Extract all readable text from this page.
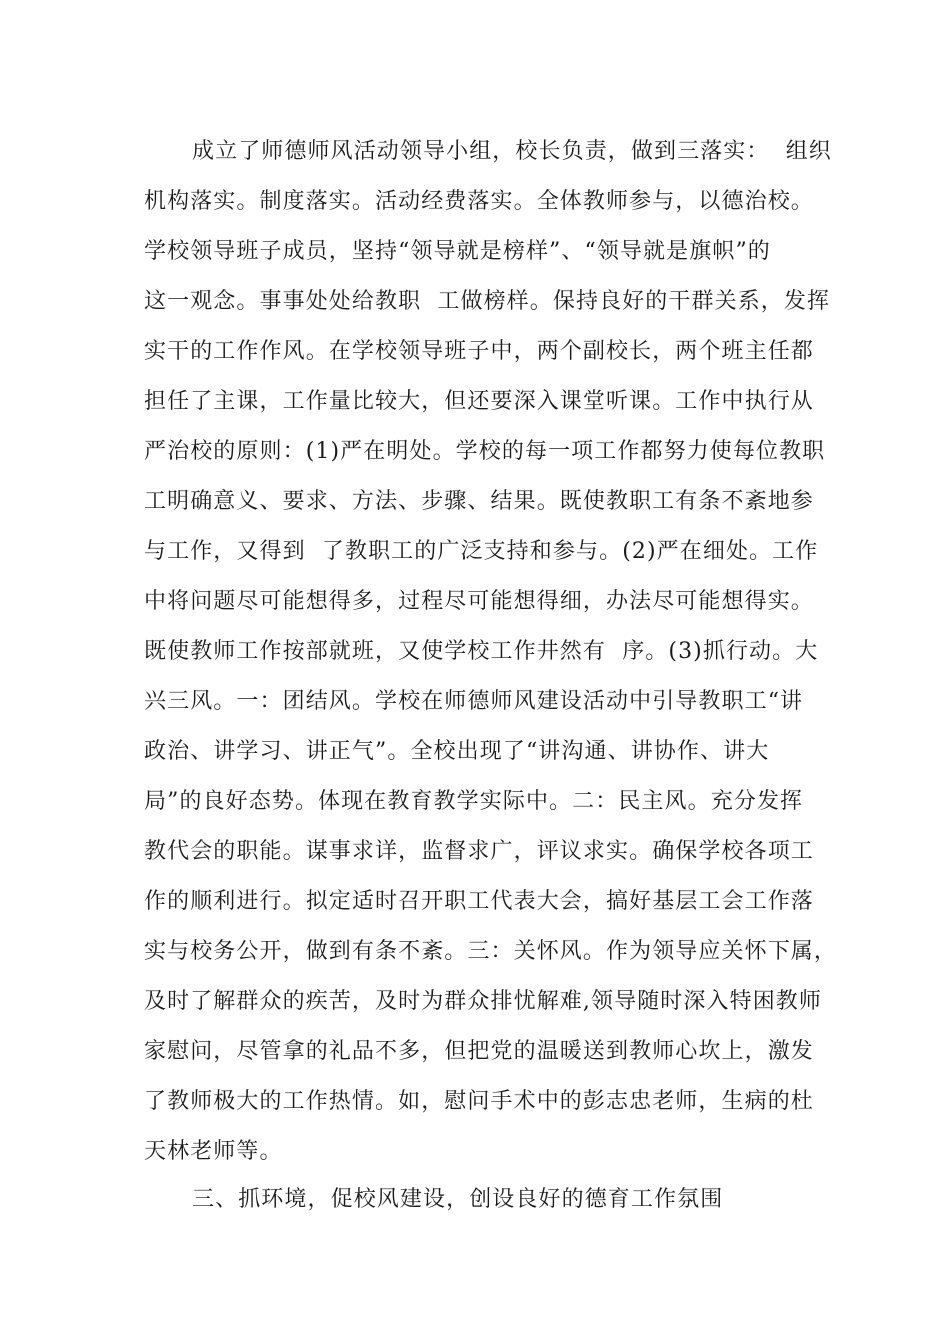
成立了师德师风活动领导小组，校长负责，做到三落实：  组织
机构落实。制度落实。活动经费落实。全体教师参与，以德治校。
学校领导班子成员，坚持“领导就是榜样”、“领导就是旗帜”的
这一观念。事事处处给教职  工做榜样。保持良好的干群关系，发挥
实干的工作作风。在学校领导班子中，两个副校长，两个班主任都
担任了主课，工作量比较大，但还要深入课堂听课。工作中执行从
严治校的原则：(1)严在明处。学校的每一项工作都努力使每位教职
工明确意义、要求、方法、步骤、结果。既使教职工有条不紊地参
与工作，又得到  了教职工的广泛支持和参与。(2)严在细处。工作
中将问题尽可能想得多，过程尽可能想得细，办法尽可能想得实。
既使教师工作按部就班，又使学校工作井然有  序。(3)抓行动。大
兴三风。一：团结风。学校在师德师风建设活动中引导教职工“讲
政治、讲学习、讲正气”。全校出现了“讲沟通、讲协作、讲大
局”的良好态势。体现在教育教学实际中。二：民主风。充分发挥
教代会的职能。谋事求详，监督求广，评议求实。确保学校各项工
作的顺利进行。拟定适时召开职工代表大会，搞好基层工会工作落
实与校务公开，做到有条不紊。三：关怀风。作为领导应关怀下属，
及时了解群众的疾苦，及时为群众排忧解难,领导随时深入特困教师
家慰问，尽管拿的礼品不多，但把党的温暖送到教师心坎上，激发
了教师极大的工作热情。如，慰问手术中的彭志忠老师，生病的杜
天林老师等。
三、抓环境，促校风建设，创设良好的德育工作氛围
